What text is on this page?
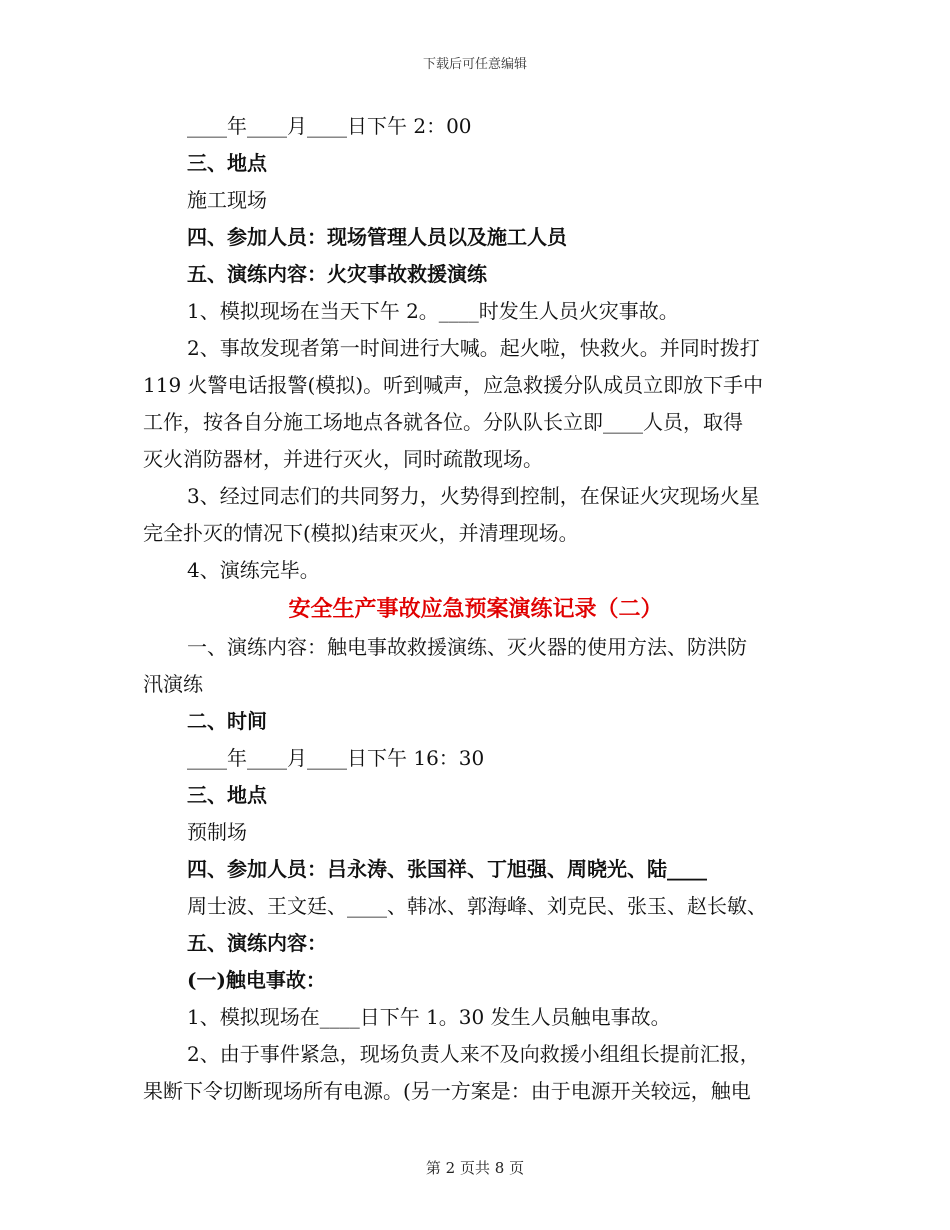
下载后可任意编辑
____年____月____日下午 2：00
三、地点
施工现场
四、参加人员：现场管理人员以及施工人员
五、演练内容：火灾事故救援演练
1、模拟现场在当天下午 2。____时发生人员火灾事故。
2、事故发现者第一时间进行大喊。起火啦，快救火。并同时拨打
119 火警电话报警(模拟)。听到喊声，应急救援分队成员立即放下手中
工作，按各自分施工场地点各就各位。分队队长立即____人员，取得
灭火消防器材，并进行灭火，同时疏散现场。
3、经过同志们的共同努力，火势得到控制，在保证火灾现场火星
完全扑灭的情况下(模拟)结束灭火，并清理现场。
4、演练完毕。
安全生产事故应急预案演练记录（二）
一、演练内容：触电事故救援演练、灭火器的使用方法、防洪防
汛演练
二、时间
____年____月____日下午 16：30
三、地点
预制场
四、参加人员：吕永涛、张国祥、丁旭强、周晓光、陆____
周士波、王文廷、____、韩冰、郭海峰、刘克民、张玉、赵长敏、
五、演练内容：
(一)触电事故：
1、模拟现场在____日下午 1。30 发生人员触电事故。
2、由于事件紧急，现场负责人来不及向救援小组组长提前汇报，
果断下令切断现场所有电源。(另一方案是：由于电源开关较远，触电
第 2 页共 8 页
